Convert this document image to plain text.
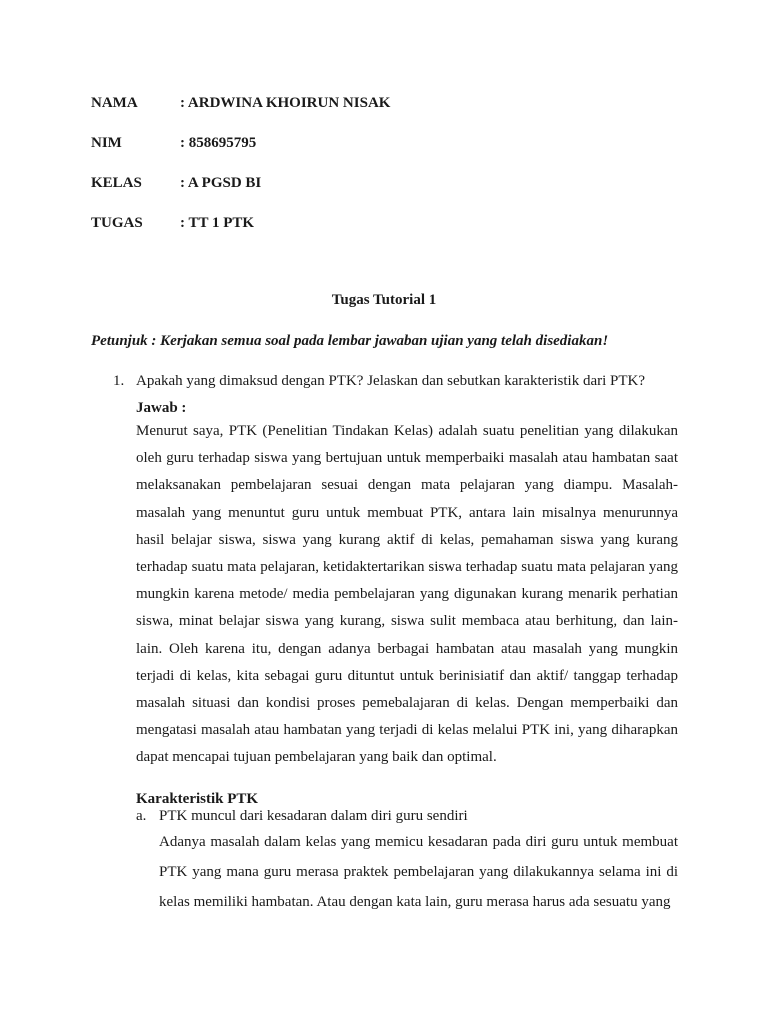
NAMA	: ARDWINA KHOIRUN NISAK
NIM	: 858695795
KELAS	: A PGSD BI
TUGAS : TT 1 PTK
Tugas Tutorial 1
Petunjuk : Kerjakan semua soal pada lembar jawaban ujian yang telah disediakan!
1. Apakah yang dimaksud dengan PTK? Jelaskan dan sebutkan karakteristik dari PTK?
Jawab :

Menurut saya, PTK (Penelitian Tindakan Kelas) adalah suatu penelitian yang dilakukan oleh guru terhadap siswa yang bertujuan untuk memperbaiki masalah atau hambatan saat melaksanakan pembelajaran sesuai dengan mata pelajaran yang diampu. Masalah-masalah yang menuntut guru untuk membuat PTK, antara lain misalnya menurunnya hasil belajar siswa, siswa yang kurang aktif di kelas, pemahaman siswa yang kurang terhadap suatu mata pelajaran, ketidaktertarikan siswa terhadap suatu mata pelajaran yang mungkin karena metode/ media pembelajaran yang digunakan kurang menarik perhatian siswa, minat belajar siswa yang kurang, siswa sulit membaca atau berhitung, dan lain-lain. Oleh karena itu, dengan adanya berbagai hambatan atau masalah yang mungkin terjadi di kelas, kita sebagai guru dituntut untuk berinisiatif dan aktif/ tanggap terhadap masalah situasi dan kondisi proses pemebalajaran di kelas. Dengan memperbaiki dan mengatasi masalah atau hambatan yang terjadi di kelas melalui PTK ini, yang diharapkan dapat mencapai tujuan pembelajaran yang baik dan optimal.

Karakteristik PTK
a. PTK muncul dari kesadaran dalam diri guru sendiri

Adanya masalah dalam kelas yang memicu kesadaran pada diri guru untuk membuat PTK yang mana guru merasa praktek pembelajaran yang dilakukannya selama ini di kelas memiliki hambatan. Atau dengan kata lain, guru merasa harus ada sesuatu yang
